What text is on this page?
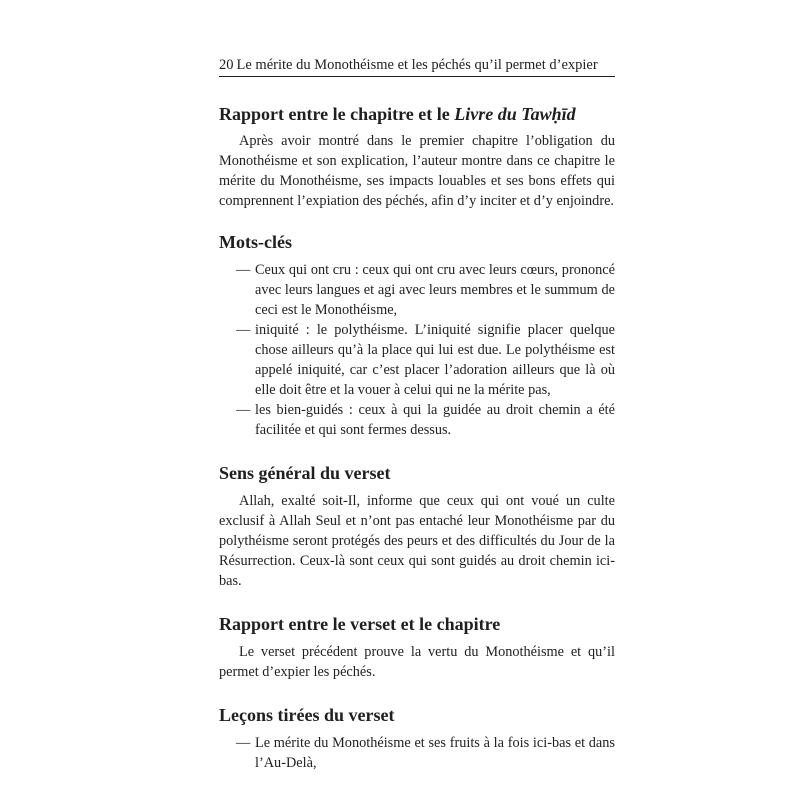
20 Le mérite du Monothéisme et les péchés qu’il permet d’expier
Rapport entre le chapitre et le Livre du Tawḥīd

Après avoir montré dans le premier chapitre l’obligation du Monothéisme et son explication, l’auteur montre dans ce chapitre le mérite du Monothéisme, ses impacts louables et ses bons effets qui comprennent l’expiation des péchés, afin d’y inciter et d’y enjoindre.

Mots-clés
— Ceux qui ont cru : ceux qui ont cru avec leurs cœurs, prononcé avec leurs langues et agi avec leurs membres et le summum de ceci est le Monothéisme,
— iniquité : le polythéisme. L’iniquité signifie placer quelque chose ailleurs qu’à la place qui lui est due. Le polythéisme est appelé iniquité, car c’est placer l’adoration ailleurs que là où elle doit être et la vouer à celui qui ne la mérite pas,
— les bien-guidés : ceux à qui la guidée au droit chemin a été facilitée et qui sont fermes dessus.
Sens général du verset

Allah, exalté soit-Il, informe que ceux qui ont voué un culte exclusif à Allah Seul et n’ont pas entaché leur Monothéisme par du polythéisme seront protégés des peurs et des difficultés du Jour de la Résurrection. Ceux-là sont ceux qui sont guidés au droit chemin ici-bas.

Rapport entre le verset et le chapitre

Le verset précédent prouve la vertu du Monothéisme et qu’il permet d’expier les péchés.

Leçons tirées du verset
— Le mérite du Monothéisme et ses fruits à la fois ici-bas et dans l’Au-Delà,
